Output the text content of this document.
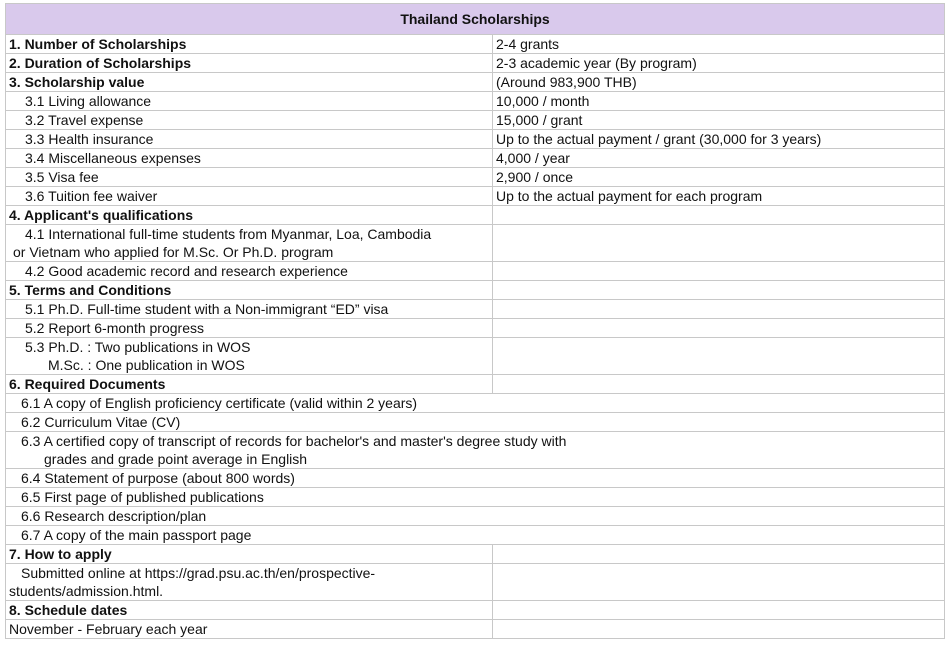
Thailand Scholarships	
1. Number of Scholarships	2-4 grants
2. Duration of Scholarships	2-3 academic year (By program)
3. Scholarship value	(Around 983,900 THB)
3.1 Living allowance	10,000 / month
3.2 Travel expense	15,000 / grant
3.3 Health insurance	Up to the actual payment / grant (30,000 for 3 years)
3.4 Miscellaneous expenses	4,000 / year
3.5 Visa fee	2,900 / once
3.6 Tuition fee waiver	Up to the actual payment for each program
4. Applicant's qualifications	

4.1 International full-time students from Myanmar, Loa, Cambodia
or Vietnam who applied for M.Sc. Or Ph.D. program	

4.2 Good academic record and research experience	
5. Terms and Conditions	
5.1 Ph.D. Full-time student with a Non-immigrant “ED” visa	
5.2 Report 6-month progress	

5.3 Ph.D. : Two publications in WOS
M.Sc. : One publication in WOS	

6. Required Documents	
6.1 A copy of English proficiency certificate (valid within 2 years)	
6.2 Curriculum Vitae (CV)	

6.3 A certified copy of transcript of records for bachelor's and master's degree study with
grades and grade point average in English	

6.4 Statement of purpose (about 800 words)	
6.5 First page of published publications	
6.6 Research description/plan	
6.7 A copy of the main passport page	
7. How to apply	

Submitted online at https://grad.psu.ac.th/en/prospective-
students/admission.html.	

8. Schedule dates	
November - February each year	
